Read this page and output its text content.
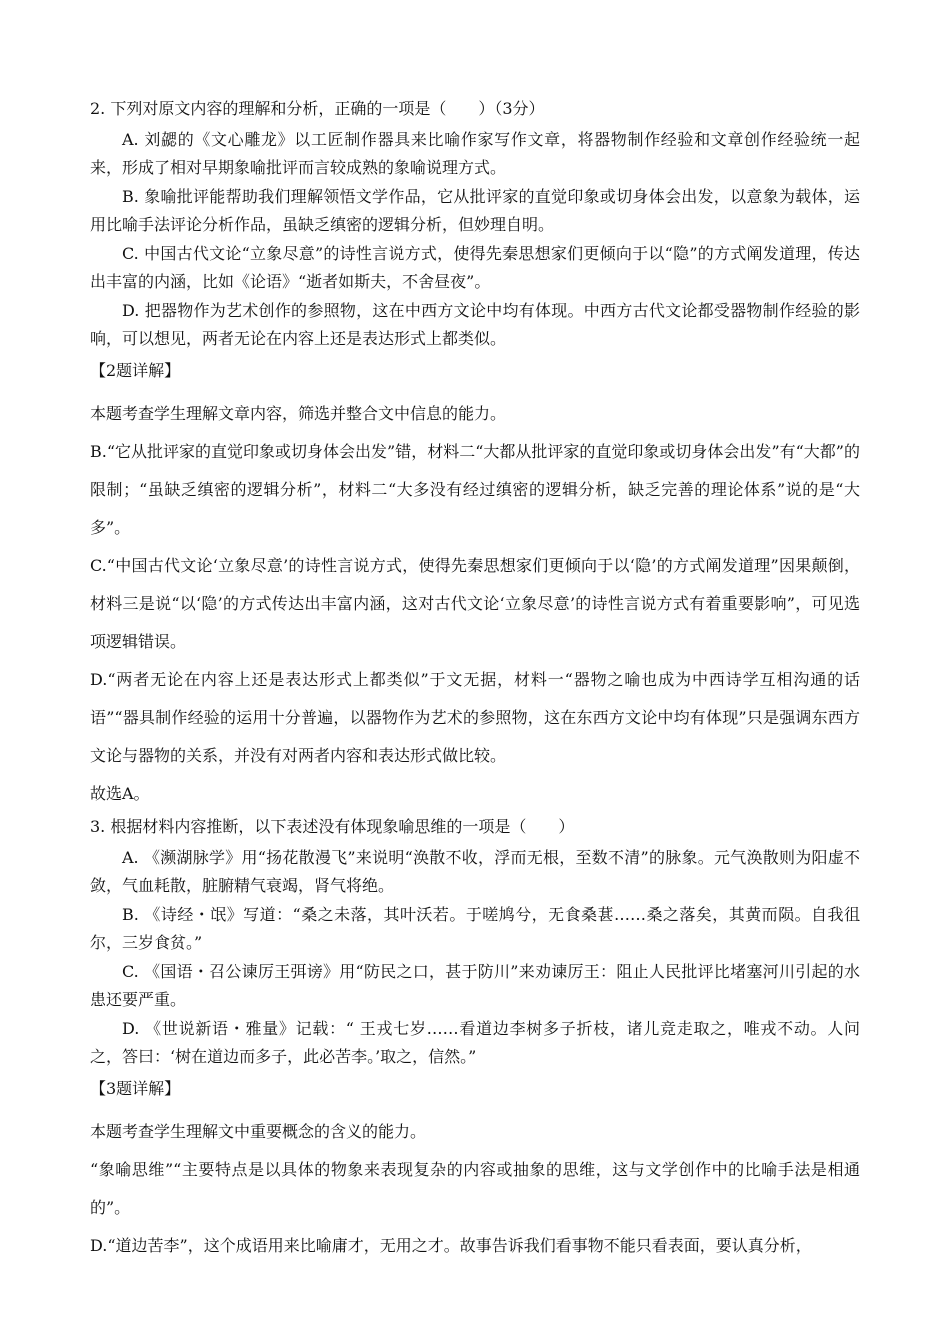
2. 下列对原文内容的理解和分析，正确的一项是（　　）（3分）

A. 刘勰的《文心雕龙》以工匠制作器具来比喻作家写作文章，将器物制作经验和文章创作经验统一起来，形成了相对早期象喻批评而言较成熟的象喻说理方式。

B. 象喻批评能帮助我们理解领悟文学作品，它从批评家的直觉印象或切身体会出发，以意象为载体，运用比喻手法评论分析作品，虽缺乏缜密的逻辑分析，但妙理自明。

C. 中国古代文论“立象尽意”的诗性言说方式，使得先秦思想家们更倾向于以“隐”的方式阐发道理，传达出丰富的内涵，比如《论语》“逝者如斯夫，不舍昼夜”。

D. 把器物作为艺术创作的参照物，这在中西方文论中均有体现。中西方古代文论都受器物制作经验的影响，可以想见，两者无论在内容上还是表达形式上都类似。

【2题详解】

本题考查学生理解文章内容，筛选并整合文中信息的能力。

B.“它从批评家的直觉印象或切身体会出发”错，材料二“大都从批评家的直觉印象或切身体会出发”有“大都”的限制；“虽缺乏缜密的逻辑分析”，材料二“大多没有经过缜密的逻辑分析，缺乏完善的理论体系”说的是“大多”。

C.“中国古代文论‘立象尽意’的诗性言说方式，使得先秦思想家们更倾向于以‘隐’的方式阐发道理”因果颠倒，材料三是说“以‘隐’的方式传达出丰富内涵，这对古代文论‘立象尽意’的诗性言说方式有着重要影响”，可见选项逻辑错误。

D.“两者无论在内容上还是表达形式上都类似”于文无据，材料一“器物之喻也成为中西诗学互相沟通的话语”“器具制作经验的运用十分普遍，以器物作为艺术的参照物，这在东西方文论中均有体现”只是强调东西方文论与器物的关系，并没有对两者内容和表达形式做比较。

故选A。

3. 根据材料内容推断，以下表述没有体现象喻思维的一项是（　　）

A. 《濒湖脉学》用“扬花散漫飞”来说明“涣散不收，浮而无根，至数不清”的脉象。元气涣散则为阳虚不敛，气血耗散，脏腑精气衰竭，肾气将绝。

B. 《诗经・氓》写道：“桑之未落，其叶沃若。于嗟鸠兮，无食桑葚……桑之落矣，其黄而陨。自我徂尔，三岁食贫。”

C. 《国语・召公谏厉王弭谤》用“防民之口，甚于防川”来劝谏厉王：阻止人民批评比堵塞河川引起的水患还要严重。

D. 《世说新语・雅量》记载：“ 王戎七岁……看道边李树多子折枝，诸儿竞走取之，唯戎不动。人问之，答曰：‘树在道边而多子，此必苦李。’取之，信然。”

【3题详解】

本题考查学生理解文中重要概念的含义的能力。

“象喻思维”“主要特点是以具体的物象来表现复杂的内容或抽象的思维，这与文学创作中的比喻手法是相通的”。

D.“道边苦李”，这个成语用来比喻庸才，无用之才。故事告诉我们看事物不能只看表面，要认真分析，
